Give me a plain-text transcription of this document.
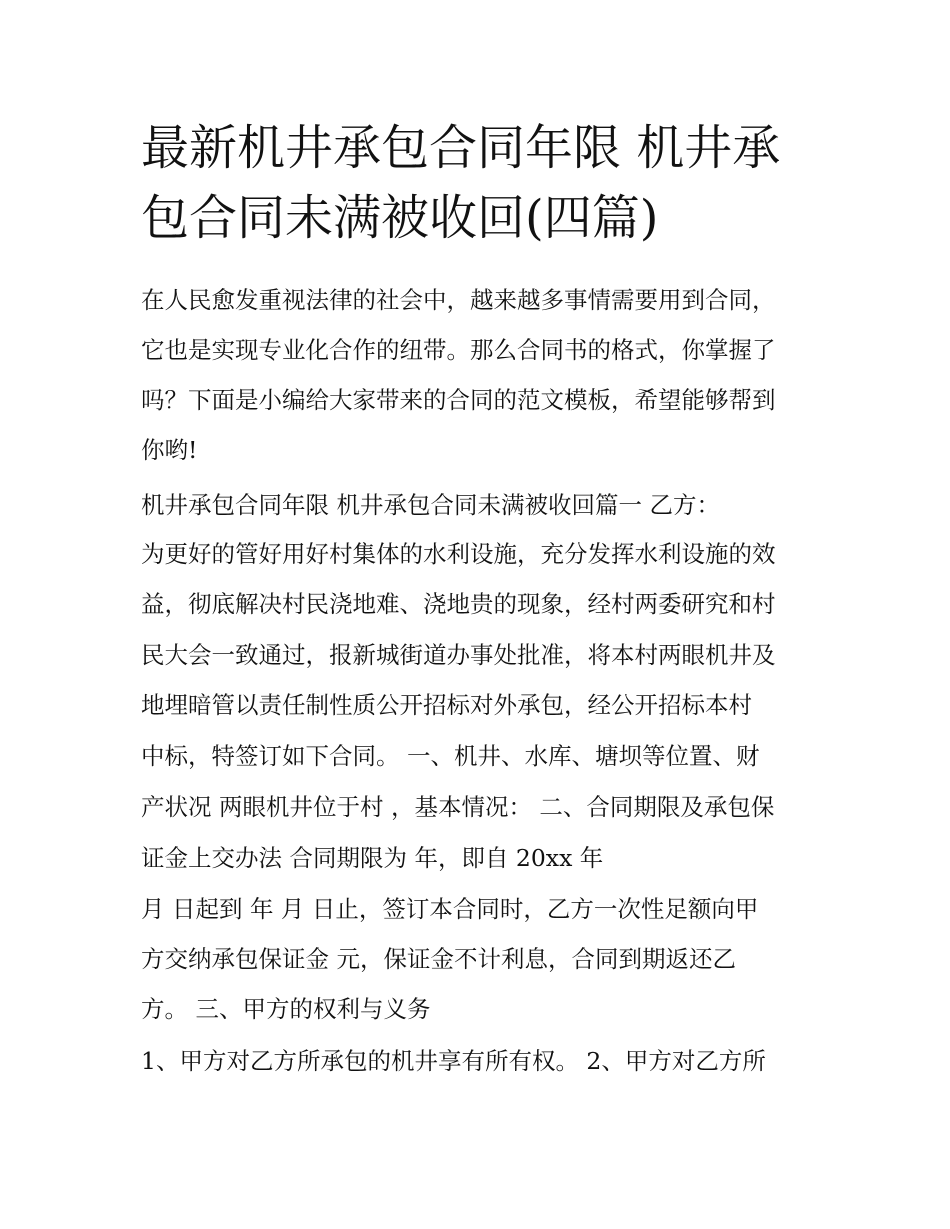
最新机井承包合同年限 机井承
包合同未满被收回(四篇)

在人民愈发重视法律的社会中，越来越多事情需要用到合同，

它也是实现专业化合作的纽带。那么合同书的格式，你掌握了

吗？下面是小编给大家带来的合同的范文模板，希望能够帮到

你哟!

机井承包合同年限 机井承包合同未满被收回篇一 乙方：

为更好的管好用好村集体的水利设施，充分发挥水利设施的效

益，彻底解决村民浇地难、浇地贵的现象，经村两委研究和村

民大会一致通过，报新城街道办事处批准，将本村两眼机井及

地埋暗管以责任制性质公开招标对外承包，经公开招标本村

中标，特签订如下合同。 一、机井、水库、塘坝等位置、财

产状况 两眼机井位于村 ，基本情况： 二、合同期限及承包保

证金上交办法 合同期限为 年，即自 20xx 年

月 日起到 年 月 日止，签订本合同时，乙方一次性足额向甲

方交纳承包保证金 元，保证金不计利息，合同到期返还乙

方。 三、甲方的权利与义务

1、甲方对乙方所承包的机井享有所有权。 2、甲方对乙方所
